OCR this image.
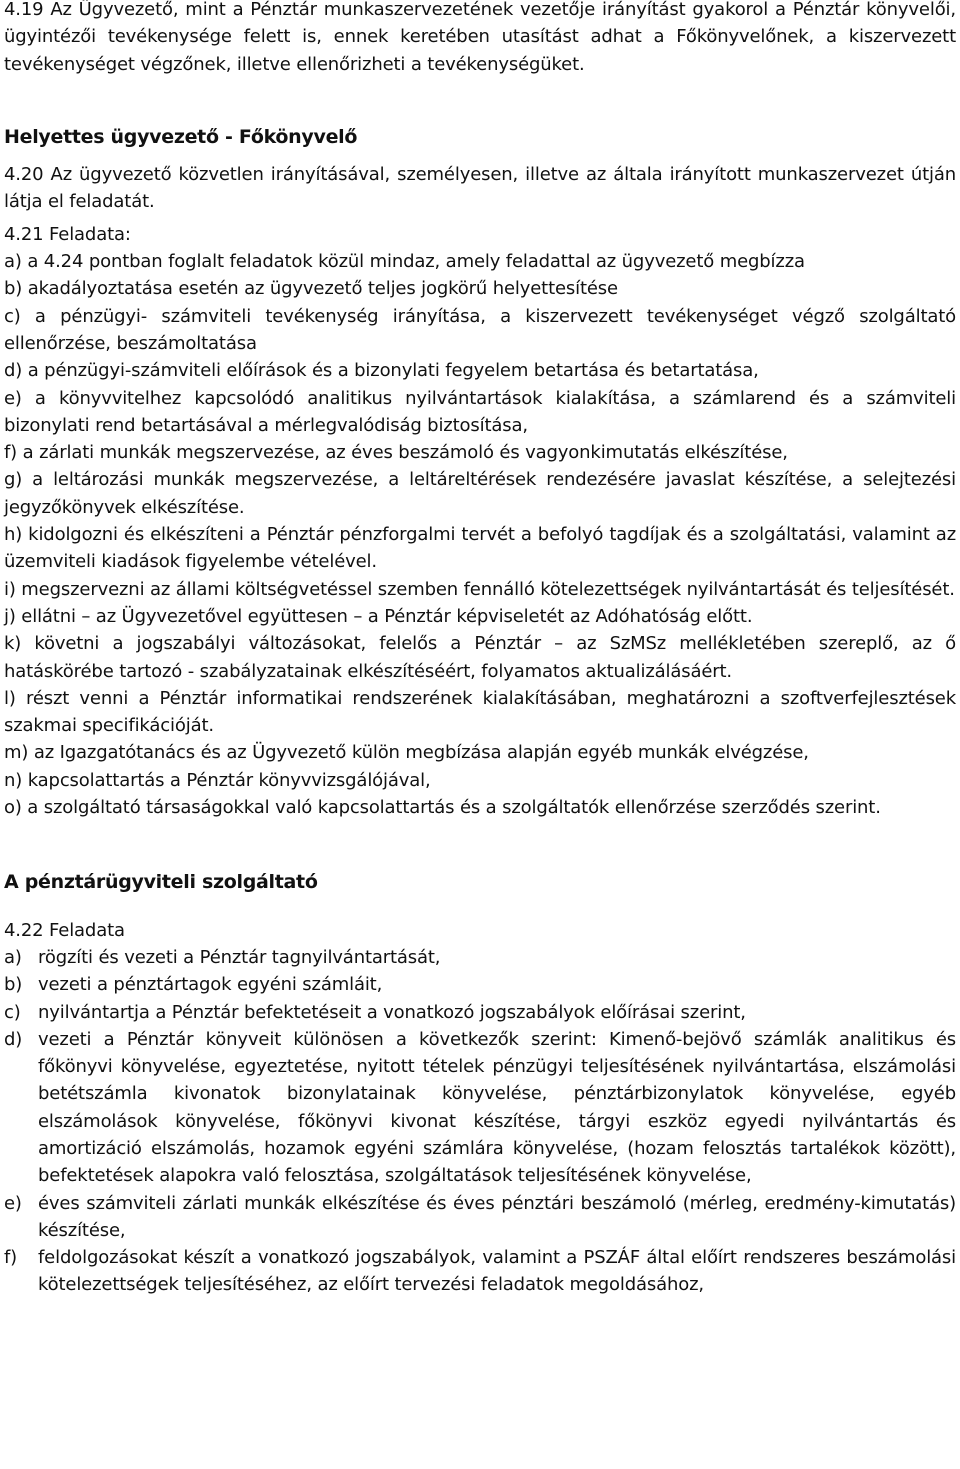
4.19 Az Ügyvezető, mint a Pénztár munkaszervezetének vezetője irányítást gyakorol a Pénztár könyvelői, ügyintézői tevékenysége felett is, ennek keretében utasítást adhat a Főkönyvelőnek, a kiszervezett tevékenységet végzőnek, illetve ellenőrizheti a tevékenységüket.

Helyettes ügyvezető - Főkönyvelő

4.20 Az ügyvezető közvetlen irányításával, személyesen, illetve az általa irányított munkaszervezet útján látja el feladatát.

4.21 Feladata:

a) a 4.24 pontban foglalt feladatok közül mindaz, amely feladattal az ügyvezető megbízza

b) akadályoztatása esetén az ügyvezető teljes jogkörű helyettesítése

c) a pénzügyi- számviteli tevékenység irányítása, a kiszervezett tevékenységet végző szolgáltató ellenőrzése, beszámoltatása

d) a pénzügyi-számviteli előírások és a bizonylati fegyelem betartása és betartatása,

e) a könyvvitelhez kapcsolódó analitikus nyilvántartások kialakítása, a számlarend és a számviteli bizonylati rend betartásával a mérlegvalódiság biztosítása,

f) a zárlati munkák megszervezése, az éves beszámoló és vagyonkimutatás elkészítése,

g) a leltározási munkák megszervezése, a leltáreltérések rendezésére javaslat készítése, a selejtezési jegyzőkönyvek elkészítése.

h) kidolgozni és elkészíteni a Pénztár pénzforgalmi tervét a befolyó tagdíjak és a szolgáltatási, valamint az üzemviteli kiadások figyelembe vételével.

i) megszervezni az állami költségvetéssel szemben fennálló kötelezettségek nyilvántartását és teljesítését.

j) ellátni – az Ügyvezetővel együttesen – a Pénztár képviseletét az Adóhatóság előtt.

k) követni a jogszabályi változásokat, felelős a Pénztár – az SzMSz mellékletében szereplő, az ő hatáskörébe tartozó - szabályzatainak elkészítéséért, folyamatos aktualizálásáért.

l) részt venni a Pénztár informatikai rendszerének kialakításában, meghatározni a szoftverfejlesztések szakmai specifikációját.

m) az Igazgatótanács és az Ügyvezető külön megbízása alapján egyéb munkák elvégzése,

n) kapcsolattartás a Pénztár könyvvizsgálójával,

o) a szolgáltató társaságokkal való kapcsolattartás és a szolgáltatók ellenőrzése szerződés szerint.

A pénztárügyviteli szolgáltató

4.22 Feladata

a) rögzíti és vezeti a Pénztár tagnyilvántartását,
b) vezeti a pénztártagok egyéni számláit,
c) nyilvántartja a Pénztár befektetéseit a vonatkozó jogszabályok előírásai szerint,
d) vezeti a Pénztár könyveit különösen a következők szerint: Kimenő-bejövő számlák analitikus és főkönyvi könyvelése, egyeztetése, nyitott tételek pénzügyi teljesítésének nyilvántartása, elszámolási betétszámla kivonatok bizonylatainak könyvelése, pénztárbizonylatok könyvelése, egyéb elszámolások könyvelése, főkönyvi kivonat készítése, tárgyi eszköz egyedi nyilvántartás és amortizáció elszámolás, hozamok egyéni számlára könyvelése, (hozam felosztás tartalékok között), befektetések alapokra való felosztása, szolgáltatások teljesítésének könyvelése,
e) éves számviteli zárlati munkák elkészítése és éves pénztári beszámoló (mérleg, eredmény-kimutatás) készítése,
f)	feldolgozásokat készít a vonatkozó jogszabályok, valamint a PSZÁF által előírt rendszeres beszámolási kötelezettségek teljesítéséhez, az előírt tervezési feladatok megoldásához,
